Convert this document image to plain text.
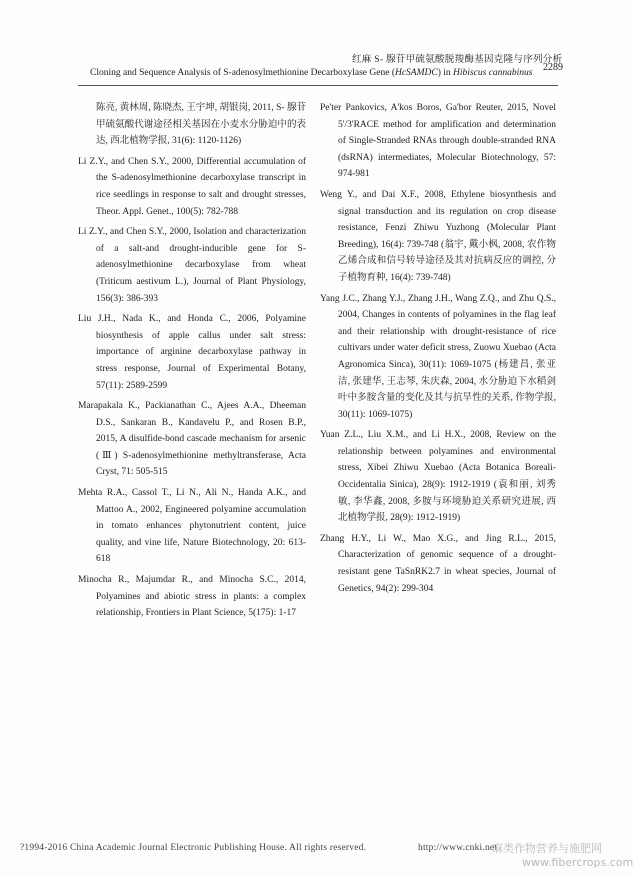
红麻 S- 腺苷甲硫氨酸脱羧酶基因克隆与序列分析
Cloning and Sequence Analysis of S-adenosylmethionine Decarboxylase Gene (HcSAMDC) in Hibiscus cannabinus 2289

陈亮, 黄林周, 陈晓杰, 王宇坤, 胡银岗, 2011, S- 腺苷甲硫氨酸代谢途径相关基因在小麦水分胁迫中的表达, 西北植物学报, 31(6): 1120-1126)

Li Z.Y., and Chen S.Y., 2000, Differential accumulation of the S-adenosylmethionine decarboxylase transcript in rice seedlings in response to salt and drought stresses, Theor. Appl. Genet., 100(5): 782-788

Li Z.Y., and Chen S.Y., 2000, Isolation and characterization of a salt-and drought-inducible gene for S-adenosylmethionine decarboxylase from wheat (Triticum aestivum L.), Journal of Plant Physiology, 156(3): 386-393

Liu J.H., Nada K., and Honda C., 2006, Polyamine biosynthesis of apple callus under salt stress: importance of arginine decarboxylase pathway in stress response, Journal of Experimental Botany, 57(11): 2589-2599

Marapakala K., Packianathan C., Ajees A.A., Dheeman D.S., Sankaran B., Kandavelu P., and Rosen B.P., 2015, A disulfide-bond cascade mechanism for arsenic (Ⅲ) S-adenosylmethionine methyltransferase, Acta Cryst, 71: 505-515

Mehta R.A., Cassol T., Li N., Ali N., Handa A.K., and Mattoo A., 2002, Engineered polyamine accumulation in tomato enhances phytonutrient content, juice quality, and vine life, Nature Biotechnology, 20: 613-618

Minocha R., Majumdar R., and Minocha S.C., 2014, Polyamines and abiotic stress in plants: a complex relationship, Frontiers in Plant Science, 5(175): 1-17

Pe'ter Pankovics, A'kos Boros, Ga'bor Reuter, 2015, Novel 5'/3'RACE method for amplification and determination of Single-Stranded RNAs through double-stranded RNA (dsRNA) intermediates, Molecular Biotechnology, 57: 974-981

Weng Y., and Dai X.F., 2008, Ethylene biosynthesis and signal transduction and its regulation on crop disease resistance, Fenzi Zhiwu Yuzhong (Molecular Plant Breeding), 16(4): 739-748 (翁宇, 戴小枫, 2008, 农作物乙烯合成和信号转导途径及其对抗病反应的调控, 分子植物育种, 16(4): 739-748)

Yang J.C., Zhang Y.J., Zhang J.H., Wang Z.Q., and Zhu Q.S., 2004, Changes in contents of polyamines in the flag leaf and their relationship with drought-resistance of rice cultivars under water deficit stress, Zuowu Xuebao (Acta Agronomica Sinca), 30(11): 1069-1075 (杨建昌, 张亚洁, 张建华, 王志琴, 朱庆森, 2004, 水分胁迫下水稻剑叶中多胺含量的变化及其与抗旱性的关系, 作物学报, 30(11): 1069-1075)

Yuan Z.L., Liu X.M., and Li H.X., 2008, Review on the relationship between polyamines and environmental stress, Xibei Zhiwu Xuebao (Acta Botanica Boreali-Occidentalia Sinica), 28(9): 1912-1919 (袁和丽, 刘秀敏, 李华鑫, 2008, 多胺与环境胁迫关系研究进展, 西北植物学报, 28(9): 1912-1919)

Zhang H.Y., Li W., Mao X.G., and Jing R.L., 2015, Characterization of genomic sequence of a drought-resistant gene TaSnRK2.7 in wheat species, Journal of Genetics, 94(2): 299-304

?1994-2016 China Academic Journal Electronic Publishing House. All rights reserved.	http://www.cnki.net
麻类作物营养与施肥网
www.fibercrops.com
